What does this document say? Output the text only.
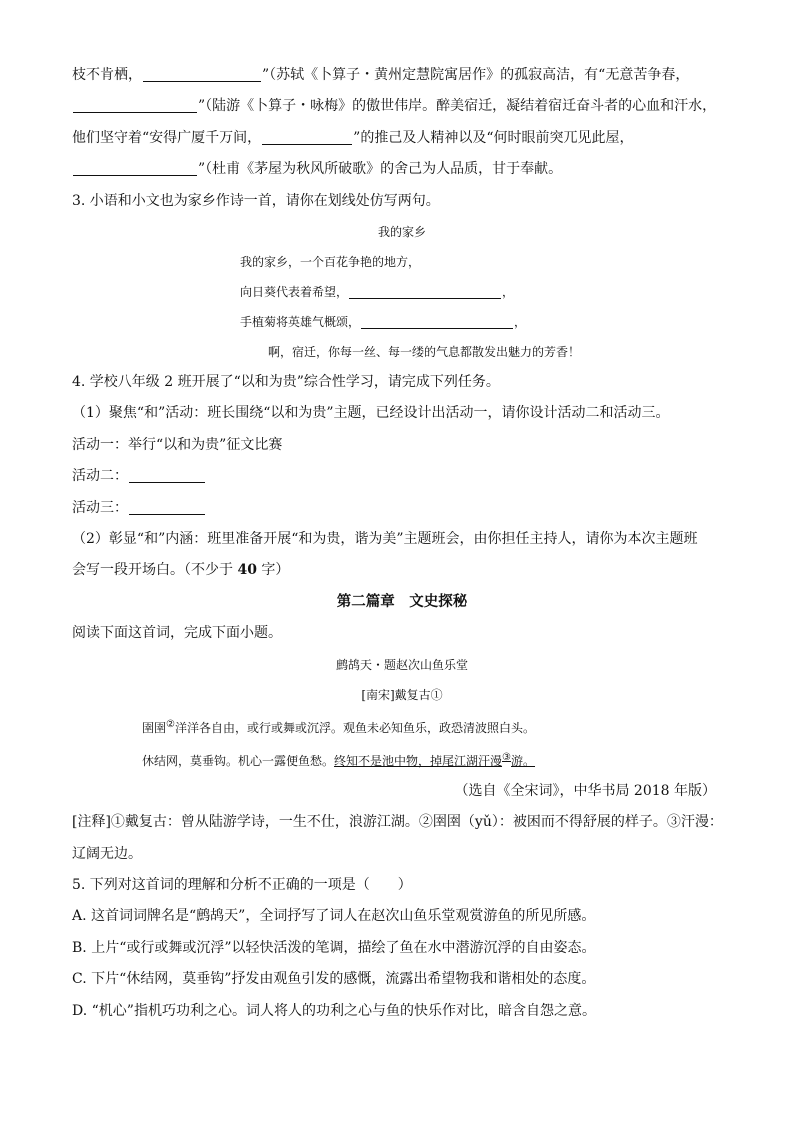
枝不肯栖，	”（苏轼《卜算子・黄州定慧院寓居作》的孤寂高洁，有“无意苦争春，
”（陆游《卜算子・咏梅》的傲世伟岸。醉美宿迁，凝结着宿迁奋斗者的心血和汗水，
他们坚守着“安得广厦千万间，	”的推己及人精神以及“何时眼前突兀见此屋，
”（杜甫《茅屋为秋风所破歌》的舍己为人品质，甘于奉献。
3. 小语和小文也为家乡作诗一首，请你在划线处仿写两句。
我的家乡
我的家乡，一个百花争艳的地方，
向日葵代表着希望，	，
手植菊将英雄气概颂，	，
啊，宿迁，你每一丝、每一缕的气息都散发出魅力的芳香！
4. 学校八年级 2 班开展了“以和为贵”综合性学习，请完成下列任务。
（1）聚焦“和”活动：班长围绕“以和为贵”主题，已经设计出活动一，请你设计活动二和活动三。
活动一：举行“以和为贵”征文比赛
活动二：
活动三：
（2）彰显“和”内涵：班里准备开展“和为贵，谐为美”主题班会，由你担任主持人，请你为本次主题班
会写一段开场白。（不少于 40 字）
第二篇章　文史探秘
阅读下面这首词，完成下面小题。
鹧鸪天・题赵次山鱼乐堂
[南宋]戴复古①
圉圉②洋洋各自由，或行或舞或沉浮。观鱼未必知鱼乐，政恐清波照白头。
休结网，莫垂钩。机心一露便鱼愁。终知不是池中物，掉尾江湖汗漫③游。
（选自《全宋词》，中华书局 2018 年版）
[注释]①戴复古：曾从陆游学诗，一生不仕，浪游江湖。②圉圉（yǔ）：被困而不得舒展的样子。③汗漫：
辽阔无边。
5. 下列对这首词的理解和分析不正确的一项是（　　）
A. 这首词词牌名是“鹧鸪天”，全词抒写了词人在赵次山鱼乐堂观赏游鱼的所见所感。
B. 上片“或行或舞或沉浮”以轻快活泼的笔调，描绘了鱼在水中潜游沉浮的自由姿态。
C. 下片“休结网，莫垂钩”抒发由观鱼引发的感慨，流露出希望物我和谐相处的态度。
D. “机心”指机巧功利之心。词人将人的功利之心与鱼的快乐作对比，暗含自怨之意。
